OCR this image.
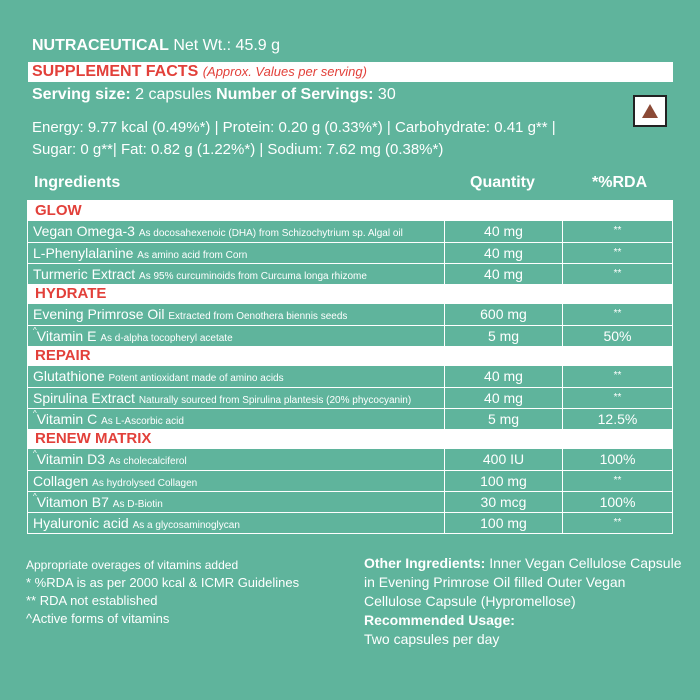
NUTRACEUTICAL Net Wt.: 45.9 g
SUPPLEMENT FACTS (Approx. Values per serving)
Serving size: 2 capsules Number of Servings: 30
Energy: 9.77 kcal (0.49%*) | Protein: 0.20 g (0.33%*) | Carbohydrate: 0.41 g** |
Sugar: 0 g**| Fat: 0.82 g (1.22%*) | Sodium: 7.62 mg (0.38%*)
Ingredients	Quantity	*%RDA
GLOW
Vegan Omega-3 As docosahexenoic (DHA) from Schizochytrium sp. Algal oil	40 mg	**
L-Phenylalanine As amino acid from Corn	40 mg	**
Turmeric Extract As 95% curcuminoids from Curcuma longa rhizome	40 mg	**
HYDRATE
Evening Primrose Oil Extracted from Oenothera biennis seeds	600 mg	**
^Vitamin E As d-alpha tocopheryl acetate	5 mg	50%
REPAIR
Glutathione Potent antioxidant made of amino acids	40 mg	**
Spirulina Extract Naturally sourced from Spirulina plantesis (20% phycocyanin)	40 mg	**
^Vitamin C As L-Ascorbic acid	5 mg	12.5%
RENEW MATRIX
^Vitamin D3 As cholecalciferol	400 IU	100%
Collagen As hydrolysed Collagen	100 mg	**
^Vitamon B7 As D-Biotin	30 mcg	100%
Hyaluronic acid As a glycosaminoglycan	100 mg	**
Appropriate overages of vitamins added
* %RDA is as per 2000 kcal & ICMR Guidelines
** RDA not established
^Active forms of vitamins
Other Ingredients: Inner Vegan Cellulose Capsule in Evening Primrose Oil filled Outer Vegan Cellulose Capsule (Hypromellose)
Recommended Usage:
Two capsules per day
